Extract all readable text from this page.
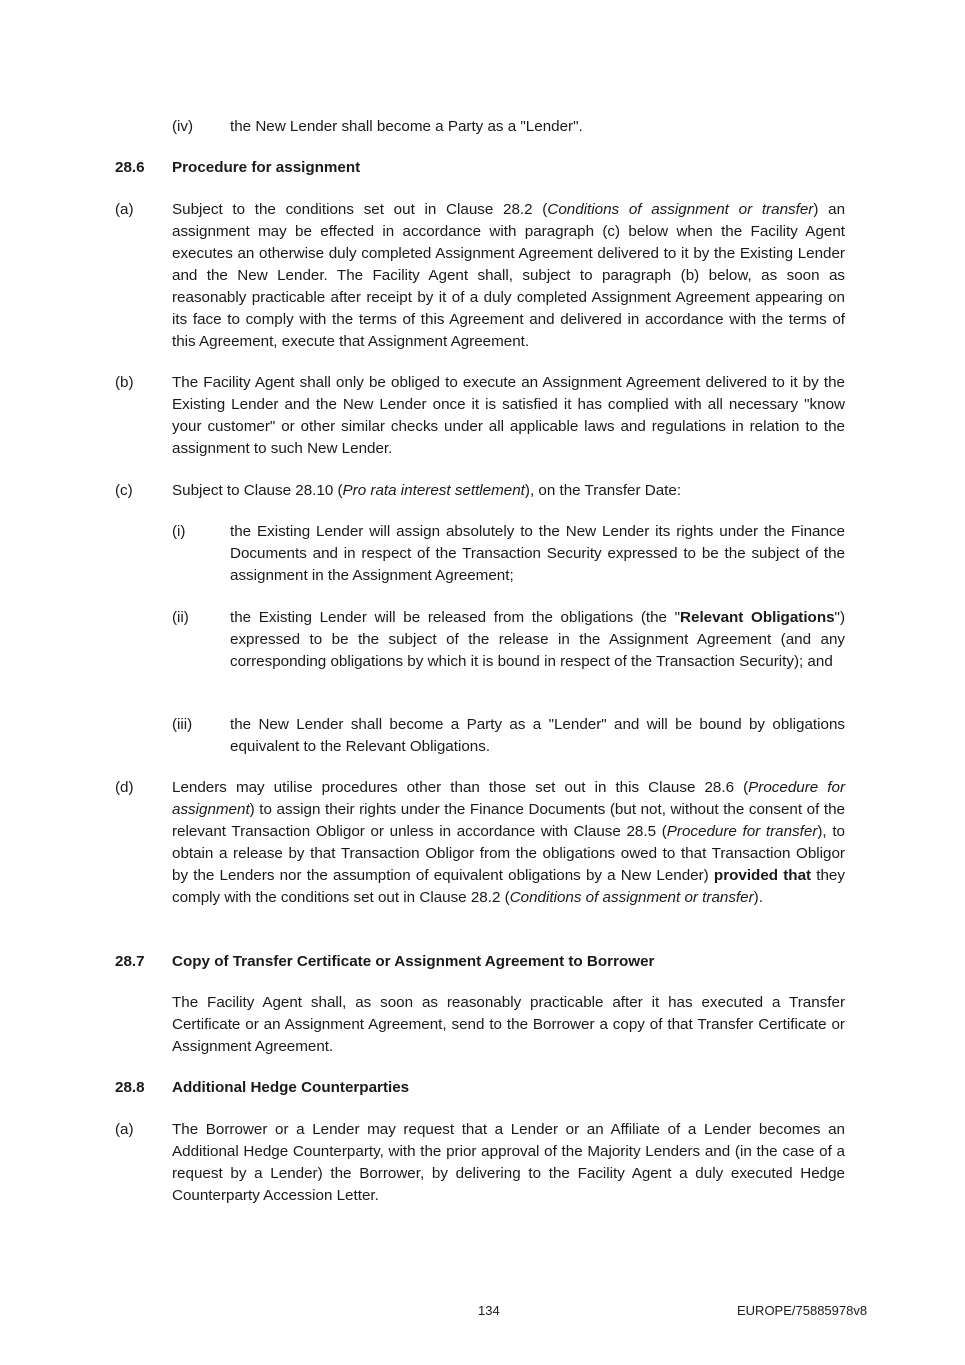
(iv) the New Lender shall become a Party as a "Lender".
28.6 Procedure for assignment
(a)	Subject to the conditions set out in Clause 28.2 (Conditions of assignment or transfer) an assignment may be effected in accordance with paragraph (c) below when the Facility Agent executes an otherwise duly completed Assignment Agreement delivered to it by the Existing Lender and the New Lender. The Facility Agent shall, subject to paragraph (b) below, as soon as reasonably practicable after receipt by it of a duly completed Assignment Agreement appearing on its face to comply with the terms of this Agreement and delivered in accordance with the terms of this Agreement, execute that Assignment Agreement.
(b)	The Facility Agent shall only be obliged to execute an Assignment Agreement delivered to it by the Existing Lender and the New Lender once it is satisfied it has complied with all necessary "know your customer" or other similar checks under all applicable laws and regulations in relation to the assignment to such New Lender.
(c)	Subject to Clause 28.10 (Pro rata interest settlement), on the Transfer Date:
(i)	the Existing Lender will assign absolutely to the New Lender its rights under the Finance Documents and in respect of the Transaction Security expressed to be the subject of the assignment in the Assignment Agreement;
(ii)	the Existing Lender will be released from the obligations (the "Relevant Obligations") expressed to be the subject of the release in the Assignment Agreement (and any corresponding obligations by which it is bound in respect of the Transaction Security); and
(iii) the New Lender shall become a Party as a "Lender" and will be bound by obligations equivalent to the Relevant Obligations.
(d)	Lenders may utilise procedures other than those set out in this Clause 28.6 (Procedure for assignment) to assign their rights under the Finance Documents (but not, without the consent of the relevant Transaction Obligor or unless in accordance with Clause 28.5 (Procedure for transfer), to obtain a release by that Transaction Obligor from the obligations owed to that Transaction Obligor by the Lenders nor the assumption of equivalent obligations by a New Lender) provided that they comply with the conditions set out in Clause 28.2 (Conditions of assignment or transfer).
28.7 Copy of Transfer Certificate or Assignment Agreement to Borrower
The Facility Agent shall, as soon as reasonably practicable after it has executed a Transfer Certificate or an Assignment Agreement, send to the Borrower a copy of that Transfer Certificate or Assignment Agreement.
28.8 Additional Hedge Counterparties
(a)	The Borrower or a Lender may request that a Lender or an Affiliate of a Lender becomes an Additional Hedge Counterparty, with the prior approval of the Majority Lenders and (in the case of a request by a Lender) the Borrower, by delivering to the Facility Agent a duly executed Hedge Counterparty Accession Letter.
134	EUROPE/75885978v8
